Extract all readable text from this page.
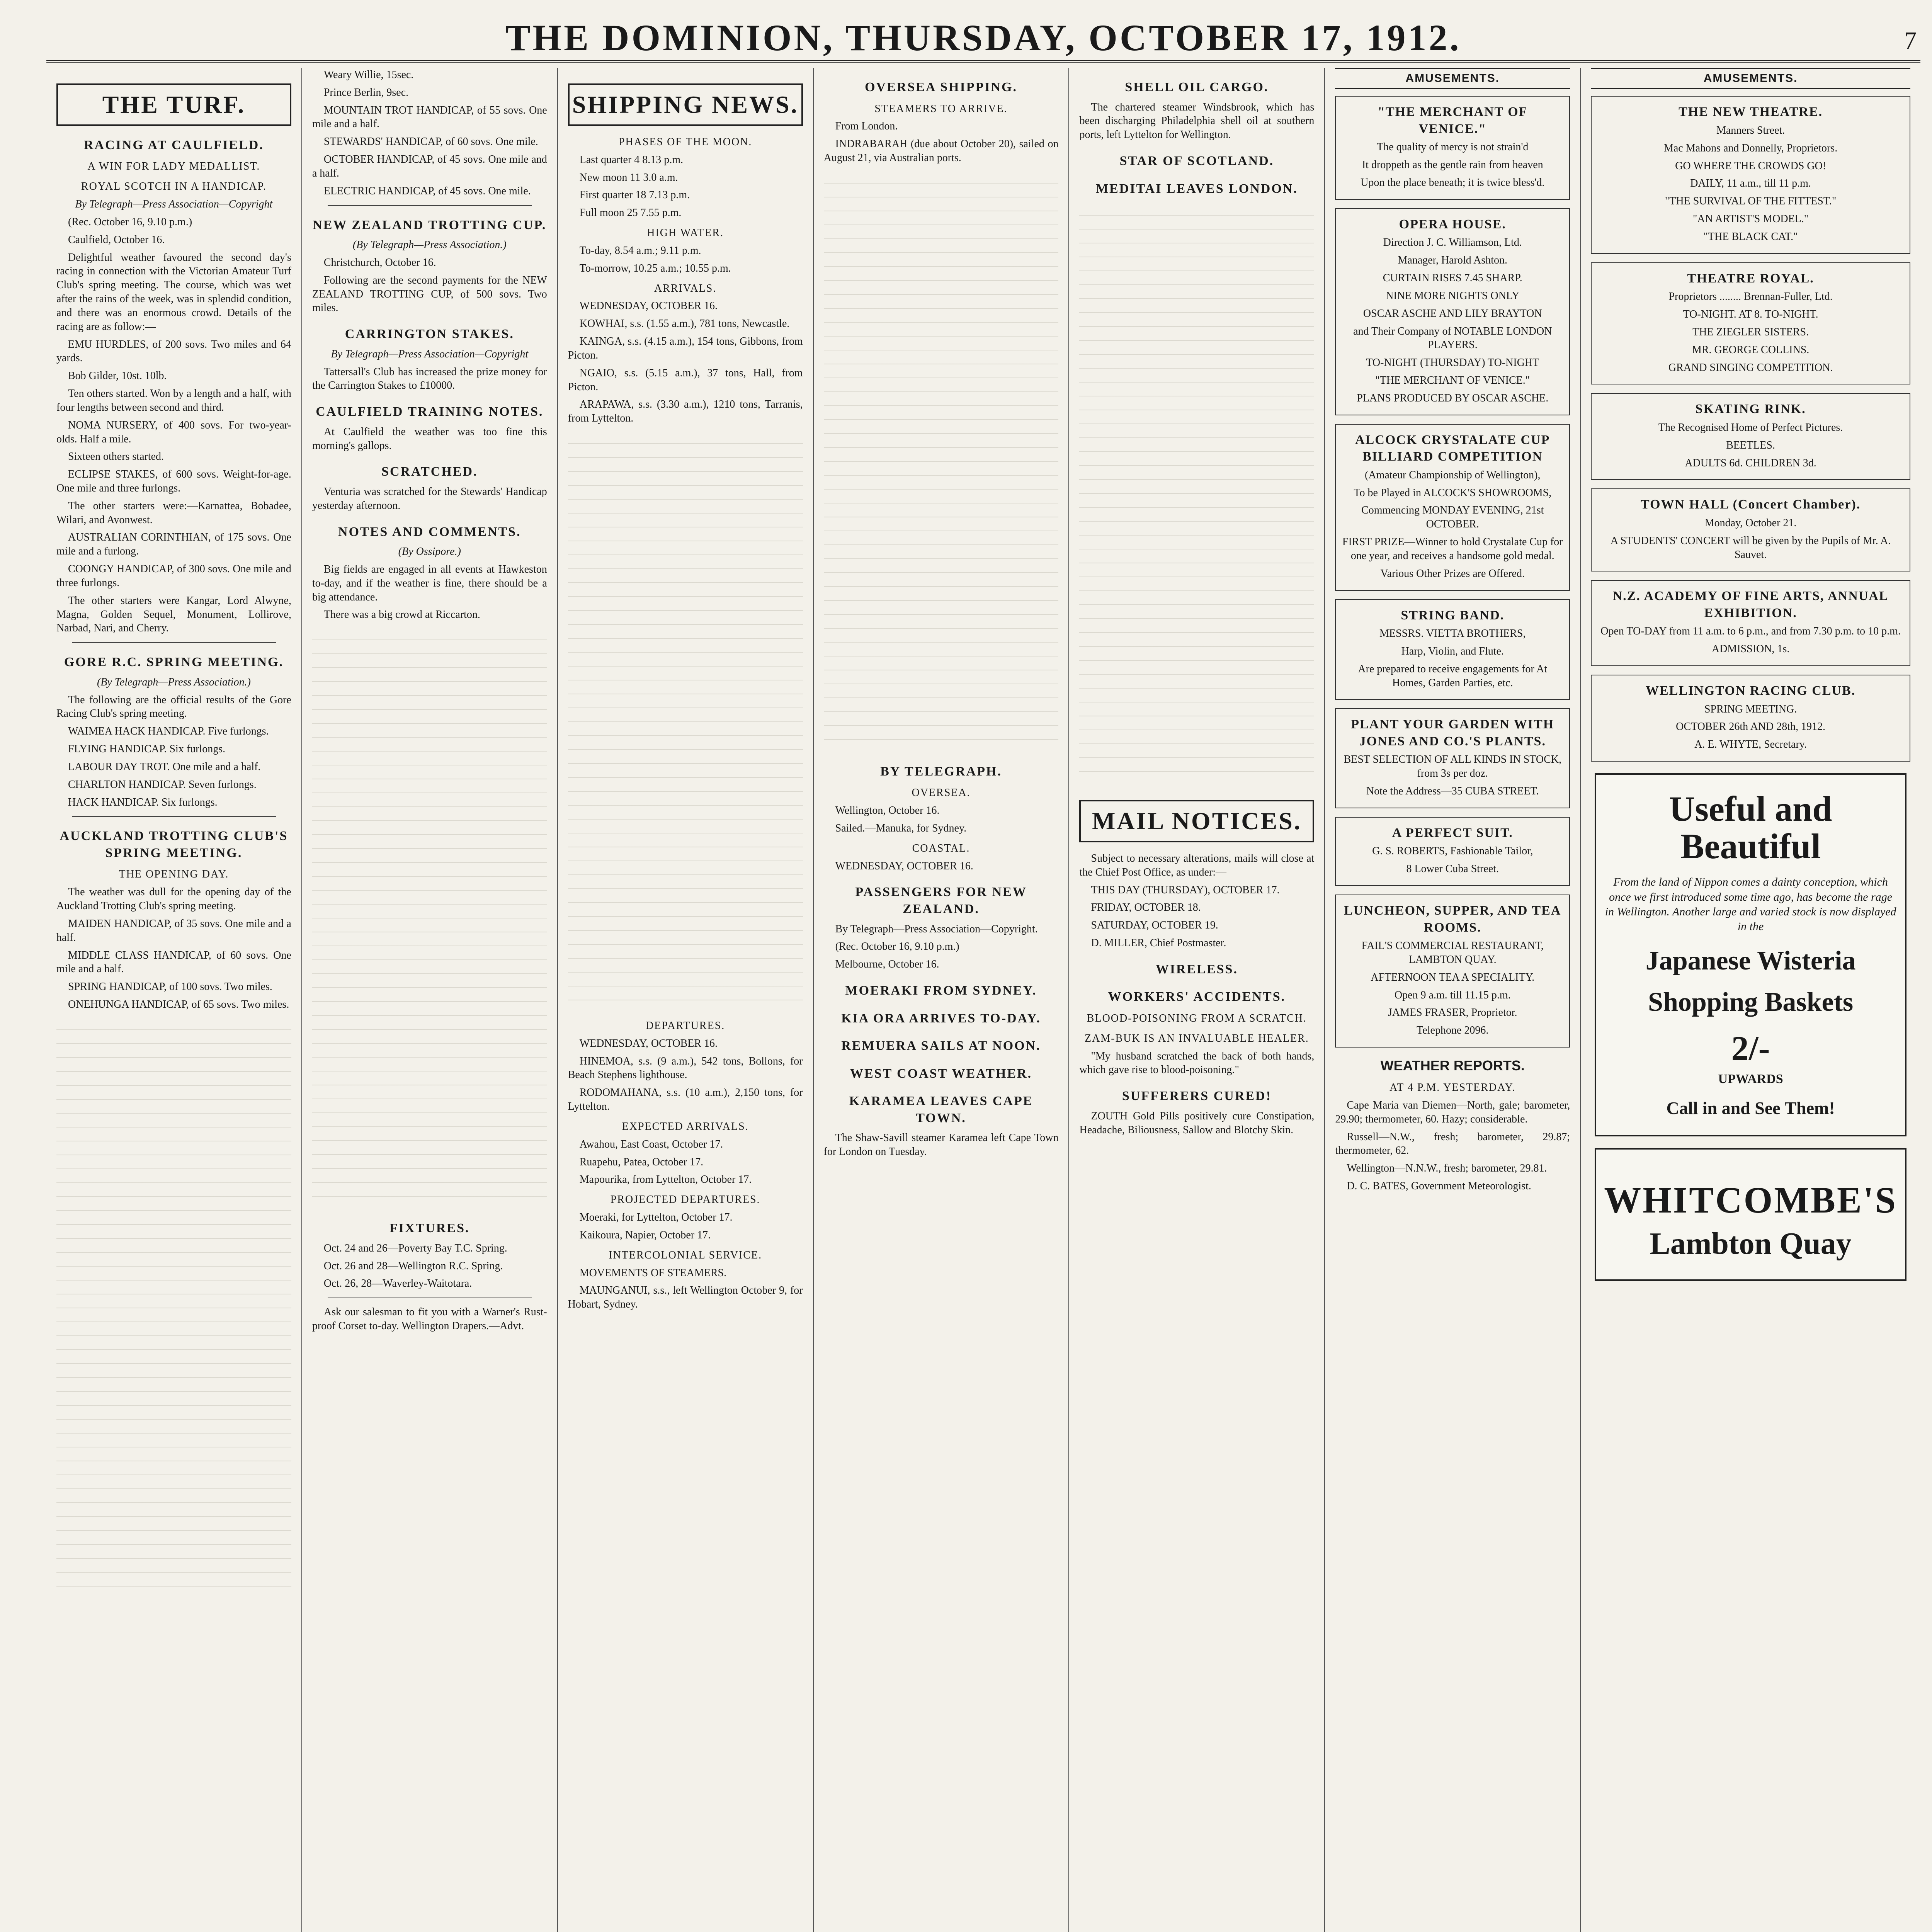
THE DOMINION, THURSDAY, OCTOBER 17, 1912.	7
THE TURF.
RACING AT CAULFIELD.
A WIN FOR LADY MEDALLIST.
ROYAL SCOTCH IN A HANDICAP.
By Telegraph—Press Association—Copyright

(Rec. October 16, 9.10 p.m.)

Caulfield, October 16.

Delightful weather favoured the second day's racing in connection with the Victorian Amateur Turf Club's spring meeting. The course, which was wet after the rains of the week, was in splendid condition, and there was an enormous crowd. Details of the racing are as follow:—

EMU HURDLES, of 200 sovs. Two miles and 64 yards.

Bob Gilder, 10st. 10lb.

Ten others started. Won by a length and a half, with four lengths between second and third.

NOMA NURSERY, of 400 sovs. For two-year-olds. Half a mile.

Sixteen others started.

ECLIPSE STAKES, of 600 sovs. Weight-for-age. One mile and three furlongs.

The other starters were:—Karnattea, Bobadee, Wilari, and Avonwest.

AUSTRALIAN CORINTHIAN, of 175 sovs. One mile and a furlong.

COONGY HANDICAP, of 300 sovs. One mile and three furlongs.

The other starters were Kangar, Lord Alwyne, Magna, Golden Sequel, Monument, Lollirove, Narbad, Nari, and Cherry.

GORE R.C. SPRING MEETING.
(By Telegraph—Press Association.)

The following are the official results of the Gore Racing Club's spring meeting.

WAIMEA HACK HANDICAP. Five furlongs.

FLYING HANDICAP. Six furlongs.

LABOUR DAY TROT. One mile and a half.

CHARLTON HANDICAP. Seven furlongs.

HACK HANDICAP. Six furlongs.

AUCKLAND TROTTING CLUB'S SPRING MEETING.
THE OPENING DAY.

The weather was dull for the opening day of the Auckland Trotting Club's spring meeting.

MAIDEN HANDICAP, of 35 sovs. One mile and a half.

MIDDLE CLASS HANDICAP, of 60 sovs. One mile and a half.

SPRING HANDICAP, of 100 sovs. Two miles.

ONEHUNGA HANDICAP, of 65 sovs. Two miles.

Weary Willie, 15sec.

Prince Berlin, 9sec.

MOUNTAIN TROT HANDICAP, of 55 sovs. One mile and a half.

STEWARDS' HANDICAP, of 60 sovs. One mile.

OCTOBER HANDICAP, of 45 sovs. One mile and a half.

ELECTRIC HANDICAP, of 45 sovs. One mile.

NEW ZEALAND TROTTING CUP.
(By Telegraph—Press Association.)

Christchurch, October 16.

Following are the second payments for the NEW ZEALAND TROTTING CUP, of 500 sovs. Two miles.

CARRINGTON STAKES.
By Telegraph—Press Association—Copyright

Tattersall's Club has increased the prize money for the Carrington Stakes to £10000.

CAULFIELD TRAINING NOTES.

At Caulfield the weather was too fine this morning's gallops.

SCRATCHED.

Venturia was scratched for the Stewards' Handicap yesterday afternoon.

NOTES AND COMMENTS.
(By Ossipore.)

Big fields are engaged in all events at Hawkeston to-day, and if the weather is fine, there should be a big attendance.

There was a big crowd at Riccarton.

FIXTURES.

Oct. 24 and 26—Poverty Bay T.C. Spring.

Oct. 26 and 28—Wellington R.C. Spring.

Oct. 26, 28—Waverley-Waitotara.

Ask our salesman to fit you with a Warner's Rust-proof Corset to-day. Wellington Drapers.—Advt.

SHIPPING NEWS.
PHASES OF THE MOON.

Last quarter 4 8.13 p.m.

New moon 11 3.0 a.m.

First quarter 18 7.13 p.m.

Full moon 25 7.55 p.m.

HIGH WATER.

To-day, 8.54 a.m.; 9.11 p.m.

To-morrow, 10.25 a.m.; 10.55 p.m.

ARRIVALS.

WEDNESDAY, OCTOBER 16.

KOWHAI, s.s. (1.55 a.m.), 781 tons, Newcastle.

KAINGA, s.s. (4.15 a.m.), 154 tons, Gibbons, from Picton.

NGAIO, s.s. (5.15 a.m.), 37 tons, Hall, from Picton.

ARAPAWA, s.s. (3.30 a.m.), 1210 tons, Tarranis, from Lyttelton.

DEPARTURES.

WEDNESDAY, OCTOBER 16.

HINEMOA, s.s. (9 a.m.), 542 tons, Bollons, for Beach Stephens lighthouse.

RODOMAHANA, s.s. (10 a.m.), 2,150 tons, for Lyttelton.

EXPECTED ARRIVALS.

Awahou, East Coast, October 17.

Ruapehu, Patea, October 17.

Mapourika, from Lyttelton, October 17.

PROJECTED DEPARTURES.

Moeraki, for Lyttelton, October 17.

Kaikoura, Napier, October 17.

INTERCOLONIAL SERVICE.

MOVEMENTS OF STEAMERS.

MAUNGANUI, s.s., left Wellington October 9, for Hobart, Sydney.

OVERSEA SHIPPING.
STEAMERS TO ARRIVE.

From London.

INDRABARAH (due about October 20), sailed on August 21, via Australian ports.

BY TELEGRAPH.
OVERSEA.

Wellington, October 16.

Sailed.—Manuka, for Sydney.

COASTAL.

WEDNESDAY, OCTOBER 16.

PASSENGERS FOR NEW ZEALAND.

By Telegraph—Press Association—Copyright.

(Rec. October 16, 9.10 p.m.)

Melbourne, October 16.

MOERAKI FROM SYDNEY.
KIA ORA ARRIVES TO-DAY.
REMUERA SAILS AT NOON.
WEST COAST WEATHER.
KARAMEA LEAVES CAPE TOWN.

The Shaw-Savill steamer Karamea left Cape Town for London on Tuesday.

SHELL OIL CARGO.

The chartered steamer Windsbrook, which has been discharging Philadelphia shell oil at southern ports, left Lyttelton for Wellington.

STAR OF SCOTLAND.
MEDITAI LEAVES LONDON.
MAIL NOTICES.

Subject to necessary alterations, mails will close at the Chief Post Office, as under:—

THIS DAY (THURSDAY), OCTOBER 17.

FRIDAY, OCTOBER 18.

SATURDAY, OCTOBER 19.

D. MILLER, Chief Postmaster.

WIRELESS.
WORKERS' ACCIDENTS.
BLOOD-POISONING FROM A SCRATCH.
ZAM-BUK IS AN INVALUABLE HEALER.

"My husband scratched the back of both hands, which gave rise to blood-poisoning."

SUFFERERS CURED!

ZOUTH Gold Pills positively cure Constipation, Headache, Biliousness, Sallow and Blotchy Skin.

AMUSEMENTS.
"THE MERCHANT OF VENICE."

The quality of mercy is not strain'd

It droppeth as the gentle rain from heaven

Upon the place beneath; it is twice bless'd.

OPERA HOUSE.

Direction J. C. Williamson, Ltd.

Manager, Harold Ashton.

CURTAIN RISES 7.45 SHARP.

NINE MORE NIGHTS ONLY

OSCAR ASCHE AND LILY BRAYTON

and Their Company of NOTABLE LONDON PLAYERS.

TO-NIGHT (THURSDAY) TO-NIGHT

"THE MERCHANT OF VENICE."

PLANS PRODUCED BY OSCAR ASCHE.

ALCOCK CRYSTALATE CUP BILLIARD COMPETITION

(Amateur Championship of Wellington),

To be Played in ALCOCK'S SHOWROOMS,

Commencing MONDAY EVENING, 21st OCTOBER.

FIRST PRIZE—Winner to hold Crystalate Cup for one year, and receives a handsome gold medal.

Various Other Prizes are Offered.

STRING BAND.

MESSRS. VIETTA BROTHERS,

Harp, Violin, and Flute.

Are prepared to receive engagements for At Homes, Garden Parties, etc.

PLANT YOUR GARDEN WITH JONES AND CO.'S PLANTS.

BEST SELECTION OF ALL KINDS IN STOCK, from 3s per doz.

Note the Address—35 CUBA STREET.

A PERFECT SUIT.

G. S. ROBERTS, Fashionable Tailor,

8 Lower Cuba Street.

LUNCHEON, SUPPER, AND TEA ROOMS.

FAIL'S COMMERCIAL RESTAURANT, LAMBTON QUAY.

AFTERNOON TEA A SPECIALITY.

Open 9 a.m. till 11.15 p.m.

JAMES FRASER, Proprietor.

Telephone 2096.

WEATHER REPORTS.
AT 4 P.M. YESTERDAY.

Cape Maria van Diemen—North, gale; barometer, 29.90; thermometer, 60. Hazy; considerable.

Russell—N.W., fresh; barometer, 29.87; thermometer, 62.

Wellington—N.N.W., fresh; barometer, 29.81.

D. C. BATES, Government Meteorologist.

AMUSEMENTS.
THE NEW THEATRE.

Manners Street.

Mac Mahons and Donnelly, Proprietors.

GO WHERE THE CROWDS GO!

DAILY, 11 a.m., till 11 p.m.

"THE SURVIVAL OF THE FITTEST."

"AN ARTIST'S MODEL."

"THE BLACK CAT."

THEATRE ROYAL.

Proprietors ........ Brennan-Fuller, Ltd.

TO-NIGHT. AT 8. TO-NIGHT.

THE ZIEGLER SISTERS.

MR. GEORGE COLLINS.

GRAND SINGING COMPETITION.

SKATING RINK.

The Recognised Home of Perfect Pictures.

BEETLES.

ADULTS 6d. CHILDREN 3d.

TOWN HALL (Concert Chamber).

Monday, October 21.

A STUDENTS' CONCERT will be given by the Pupils of Mr. A. Sauvet.

N.Z. ACADEMY OF FINE ARTS, ANNUAL EXHIBITION.

Open TO-DAY from 11 a.m. to 6 p.m., and from 7.30 p.m. to 10 p.m.

ADMISSION, 1s.

WELLINGTON RACING CLUB.

SPRING MEETING.

OCTOBER 26th AND 28th, 1912.

A. E. WHYTE, Secretary.

Useful and
Beautiful
From the land of Nippon comes a dainty conception, which once we first introduced some time ago, has become the rage in Wellington. Another large and varied stock is now displayed in the
Japanese Wisteria
Shopping Baskets
2/-
UPWARDS
Call in and See Them!
WHITCOMBE'S
Lambton Quay
